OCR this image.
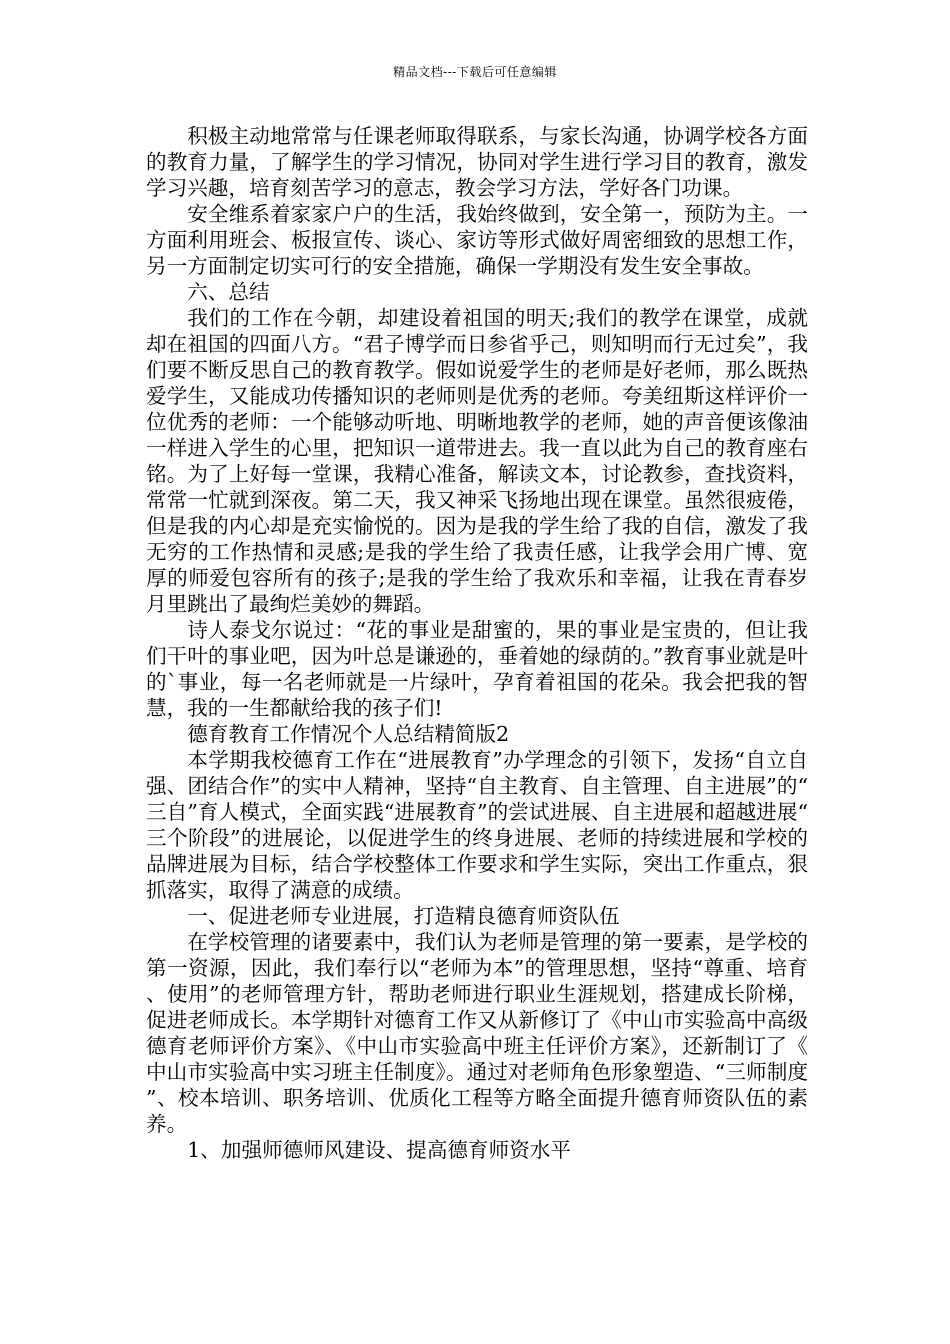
精品文档---下载后可任意编辑

积极主动地常常与任课老师取得联系，与家长沟通，协调学校各方面的教育力量，了解学生的学习情况，协同对学生进行学习目的教育，激发学习兴趣，培育刻苦学习的意志，教会学习方法，学好各门功课。

安全维系着家家户户的生活，我始终做到，安全第一，预防为主。一方面利用班会、板报宣传、谈心、家访等形式做好周密细致的思想工作，另一方面制定切实可行的安全措施，确保一学期没有发生安全事故。

六、总结

我们的工作在今朝，却建设着祖国的明天;我们的教学在课堂，成就却在祖国的四面八方。“君子博学而日参省乎己，则知明而行无过矣”，我们要不断反思自己的教育教学。假如说爱学生的老师是好老师，那么既热爱学生，又能成功传播知识的老师则是优秀的老师。夸美纽斯这样评价一位优秀的老师：一个能够动听地、明晰地教学的老师，她的声音便该像油一样进入学生的心里，把知识一道带进去。我一直以此为自己的教育座右铭。为了上好每一堂课，我精心准备，解读文本，讨论教参，查找资料，常常一忙就到深夜。第二天，我又神采飞扬地出现在课堂。虽然很疲倦，但是我的内心却是充实愉悦的。因为是我的学生给了我的自信，激发了我无穷的工作热情和灵感;是我的学生给了我责任感，让我学会用广博、宽厚的师爱包容所有的孩子;是我的学生给了我欢乐和幸福，让我在青春岁月里跳出了最绚烂美妙的舞蹈。

诗人泰戈尔说过：“花的事业是甜蜜的，果的事业是宝贵的，但让我们干叶的事业吧，因为叶总是谦逊的，垂着她的绿荫的。”教育事业就是叶的`事业，每一名老师就是一片绿叶，孕育着祖国的花朵。我会把我的智慧，我的一生都献给我的孩子们!

德育教育工作情况个人总结精简版2

本学期我校德育工作在“进展教育”办学理念的引领下，发扬“自立自强、团结合作”的实中人精神，坚持“自主教育、自主管理、自主进展”的“三自”育人模式，全面实践“进展教育”的尝试进展、自主进展和超越进展“三个阶段”的进展论，以促进学生的终身进展、老师的持续进展和学校的品牌进展为目标，结合学校整体工作要求和学生实际，突出工作重点，狠抓落实，取得了满意的成绩。

一、促进老师专业进展，打造精良德育师资队伍

在学校管理的诸要素中，我们认为老师是管理的第一要素，是学校的第一资源，因此，我们奉行以“老师为本”的管理思想，坚持“尊重、培育、使用”的老师管理方针，帮助老师进行职业生涯规划，搭建成长阶梯，促进老师成长。本学期针对德育工作又从新修订了《中山市实验高中高级德育老师评价方案》、《中山市实验高中班主任评价方案》，还新制订了《中山市实验高中实习班主任制度》。通过对老师角色形象塑造、“三师制度”、校本培训、职务培训、优质化工程等方略全面提升德育师资队伍的素养。

1、加强师德师风建设、提高德育师资水平
